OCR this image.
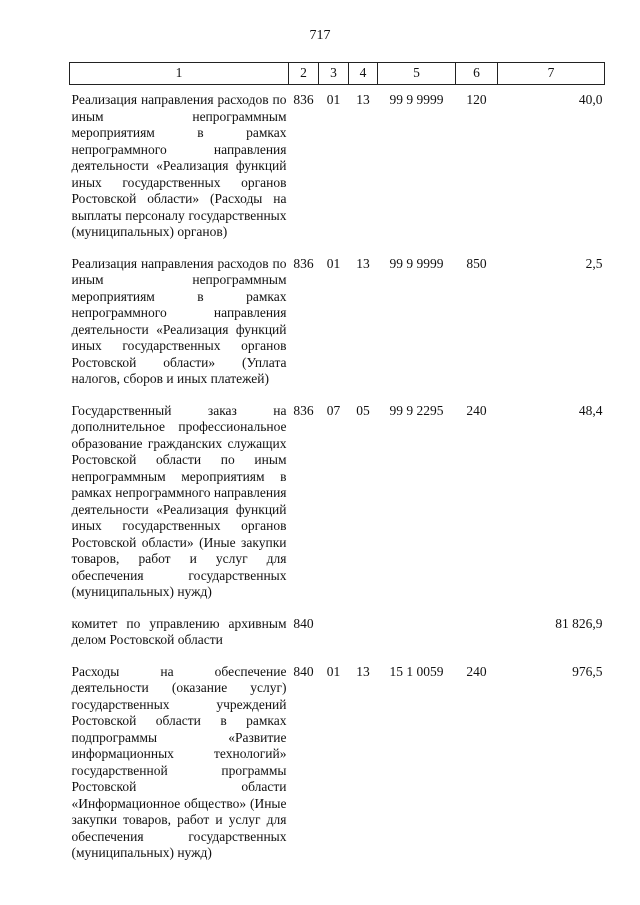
717
1	2	3	4	5	6	7
Реализация направления расходов по иным непрограммным мероприятиям в рамках непрограммного направления деятельности «Реализация функций иных государственных органов Ростовской области» (Расходы на выплаты персоналу государственных (муниципальных) органов)	836	01	13	99 9 9999	120	40,0
Реализация направления расходов по иным непрограммным мероприятиям в рамках непрограммного направления деятельности «Реализация функций иных государственных органов Ростовской области» (Уплата налогов, сборов и иных платежей)	836	01	13	99 9 9999	850	2,5
Государственный заказ на дополнительное профессиональное образование гражданских служащих Ростовской области по иным непрограммным мероприятиям в рамках непрограммного направления деятельности «Реализация функций иных государственных органов Ростовской области» (Иные закупки товаров, работ и услуг для обеспечения государственных (муниципальных) нужд)	836	07	05	99 9 2295	240	48,4
комитет по управлению архивным делом Ростовской области	840					81 826,9
Расходы на обеспечение деятельности (оказание услуг) государственных учреждений Ростовской области в рамках подпрограммы «Развитие информационных технологий» государственной программы Ростовской области «Информационное общество» (Иные закупки товаров, работ и услуг для обеспечения государственных (муниципальных) нужд)	840	01	13	15 1 0059	240	976,5
